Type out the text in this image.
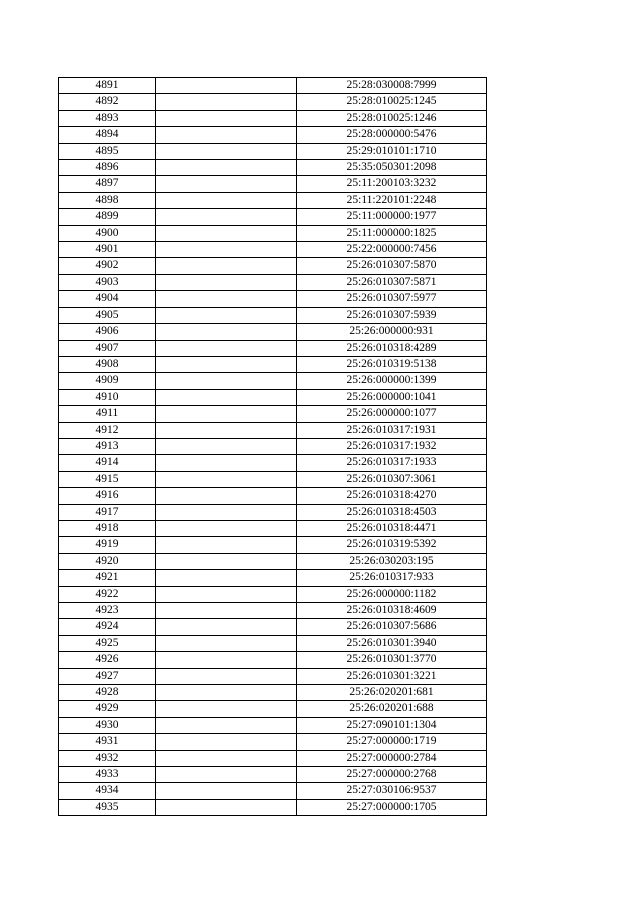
4891		25:28:030008:7999
4892		25:28:010025:1245
4893		25:28:010025:1246
4894		25:28:000000:5476
4895		25:29:010101:1710
4896		25:35:050301:2098
4897		25:11:200103:3232
4898		25:11:220101:2248
4899		25:11:000000:1977
4900		25:11:000000:1825
4901		25:22:000000:7456
4902		25:26:010307:5870
4903		25:26:010307:5871
4904		25:26:010307:5977
4905		25:26:010307:5939
4906		25:26:000000:931
4907		25:26:010318:4289
4908		25:26:010319:5138
4909		25:26:000000:1399
4910		25:26:000000:1041
4911		25:26:000000:1077
4912		25:26:010317:1931
4913		25:26:010317:1932
4914		25:26:010317:1933
4915		25:26:010307:3061
4916		25:26:010318:4270
4917		25:26:010318:4503
4918		25:26:010318:4471
4919		25:26:010319:5392
4920		25:26:030203:195
4921		25:26:010317:933
4922		25:26:000000:1182
4923		25:26:010318:4609
4924		25:26:010307:5686
4925		25:26:010301:3940
4926		25:26:010301:3770
4927		25:26:010301:3221
4928		25:26:020201:681
4929		25:26:020201:688
4930		25:27:090101:1304
4931		25:27:000000:1719
4932		25:27:000000:2784
4933		25:27:000000:2768
4934		25:27:030106:9537
4935		25:27:000000:1705
